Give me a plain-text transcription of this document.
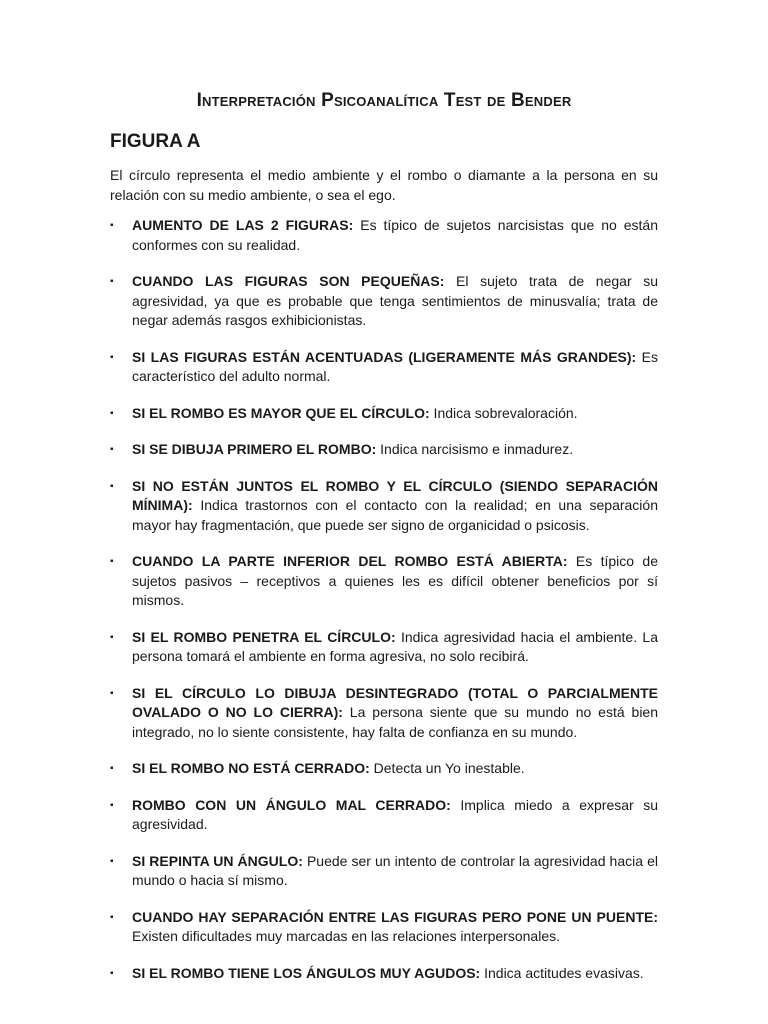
Interpretación Psicoanalítica Test de Bender
FIGURA A

El círculo representa el medio ambiente y el rombo o diamante a la persona en su relación con su medio ambiente, o sea el ego.

▪ AUMENTO DE LAS 2 FIGURAS: Es típico de sujetos narcisistas que no están conformes con su realidad.
▪ CUANDO LAS FIGURAS SON PEQUEÑAS: El sujeto trata de negar su agresividad, ya que es probable que tenga sentimientos de minusvalía; trata de negar además rasgos exhibicionistas.
▪ SI LAS FIGURAS ESTÁN ACENTUADAS (LIGERAMENTE MÁS GRANDES): Es característico del adulto normal.
▪ SI EL ROMBO ES MAYOR QUE EL CÍRCULO: Indica sobrevaloración.
▪ SI SE DIBUJA PRIMERO EL ROMBO: Indica narcisismo e inmadurez.
▪ SI NO ESTÁN JUNTOS EL ROMBO Y EL CÍRCULO (SIENDO SEPARACIÓN MÍNIMA): Indica trastornos con el contacto con la realidad; en una separación mayor hay fragmentación, que puede ser signo de organicidad o psicosis.
▪ CUANDO LA PARTE INFERIOR DEL ROMBO ESTÁ ABIERTA: Es típico de sujetos pasivos – receptivos a quienes les es difícil obtener beneficios por sí mismos.
▪ SI EL ROMBO PENETRA EL CÍRCULO: Indica agresividad hacia el ambiente. La persona tomará el ambiente en forma agresiva, no solo recibirá.
▪ SI EL CÍRCULO LO DIBUJA DESINTEGRADO (TOTAL O PARCIALMENTE OVALADO O NO LO CIERRA): La persona siente que su mundo no está bien integrado, no lo siente consistente, hay falta de confianza en su mundo.
▪ SI EL ROMBO NO ESTÁ CERRADO: Detecta un Yo inestable.
▪ ROMBO CON UN ÁNGULO MAL CERRADO: Implica miedo a expresar su agresividad.
▪ SI REPINTA UN ÁNGULO: Puede ser un intento de controlar la agresividad hacia el mundo o hacia sí mismo.
▪ CUANDO HAY SEPARACIÓN ENTRE LAS FIGURAS PERO PONE UN PUENTE: Existen dificultades muy marcadas en las relaciones interpersonales.
▪ SI EL ROMBO TIENE LOS ÁNGULOS MUY AGUDOS: Indica actitudes evasivas.
